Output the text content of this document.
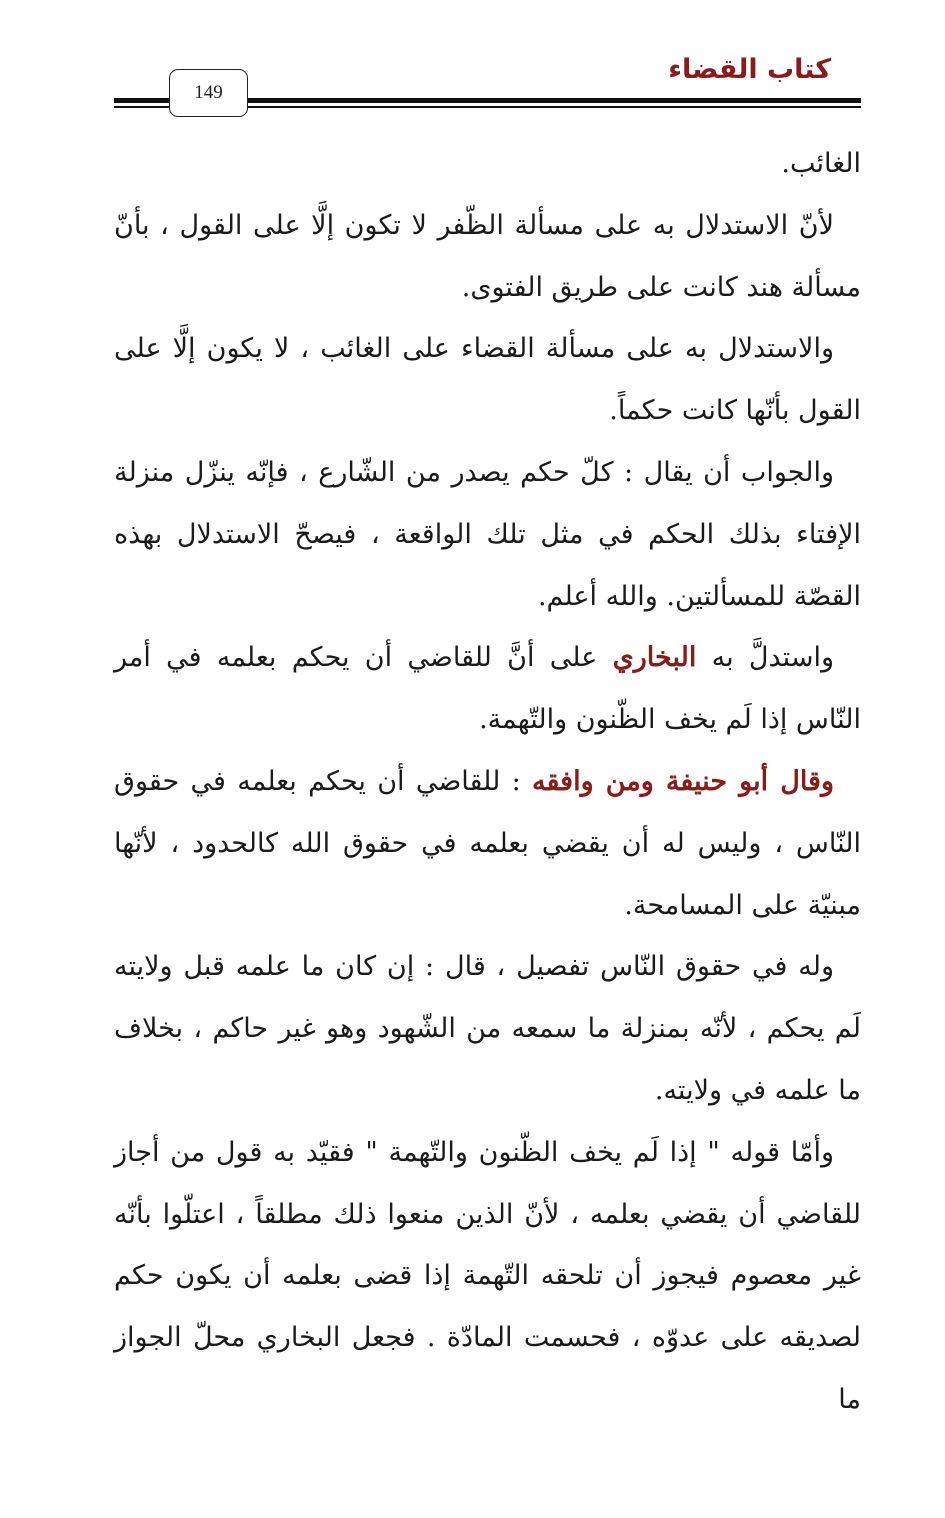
كتاب القضاء
149

الغائب.

لأنّ الاستدلال به على مسألة الظّفر لا تكون إلَّا على القول ، بأنّ مسألة هند كانت على طريق الفتوى.

والاستدلال به على مسألة القضاء على الغائب ، لا يكون إلَّا على القول بأنّها كانت حكماً.

والجواب أن يقال : كلّ حكم يصدر من الشّارع ، فإنّه ينزّل منزلة الإفتاء بذلك الحكم في مثل تلك الواقعة ، فيصحّ الاستدلال بهذه القصّة للمسألتين. والله أعلم.

واستدلَّ به البخاري على أنَّ للقاضي أن يحكم بعلمه في أمر النّاس إذا لَم يخف الظّنون والتّهمة.

وقال أبو حنيفة ومن وافقه : للقاضي أن يحكم بعلمه في حقوق النّاس ، وليس له أن يقضي بعلمه في حقوق الله كالحدود ، لأنّها مبنيّة على المسامحة.

وله في حقوق النّاس تفصيل ، قال : إن كان ما علمه قبل ولايته لَم يحكم ، لأنّه بمنزلة ما سمعه من الشّهود وهو غير حاكم ، بخلاف ما علمه في ولايته.

وأمّا قوله " إذا لَم يخف الظّنون والتّهمة " فقيّد به قول من أجاز للقاضي أن يقضي بعلمه ، لأنّ الذين منعوا ذلك مطلقاً ، اعتلّوا بأنّه غير معصوم فيجوز أن تلحقه التّهمة إذا قضى بعلمه أن يكون حكم لصديقه على عدوّه ، فحسمت المادّة . فجعل البخاري محلّ الجواز ما
